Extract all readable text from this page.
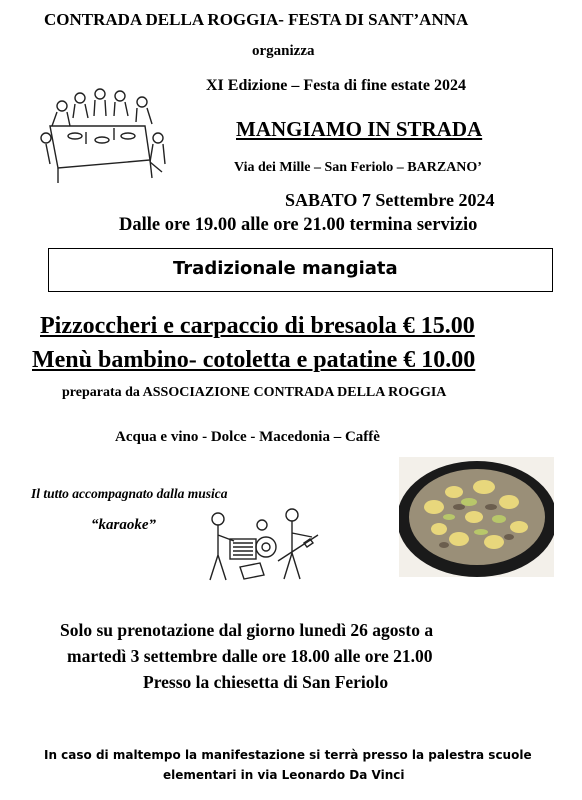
CONTRADA DELLA ROGGIA- FESTA DI SANT’ANNA
organizza
XI Edizione – Festa di fine estate 2024
MANGIAMO IN STRADA
Via dei Mille – San Feriolo – BARZANO’
SABATO 7 Settembre 2024
Dalle ore 19.00 alle ore 21.00 termina servizio
Tradizionale mangiata
Pizzoccheri e carpaccio di bresaola € 15.00
Menù bambino- cotoletta e patatine € 10.00
preparata da ASSOCIAZIONE CONTRADA DELLA ROGGIA
Acqua e vino - Dolce - Macedonia – Caffè
Il tutto accompagnato dalla musica
“karaoke”
Solo su prenotazione dal giorno lunedì 26 agosto a
martedì 3 settembre dalle ore 18.00 alle ore 21.00
Presso la chiesetta di San Feriolo
In caso di maltempo la manifestazione si terrà presso la palestra scuole
elementari in via Leonardo Da Vinci
